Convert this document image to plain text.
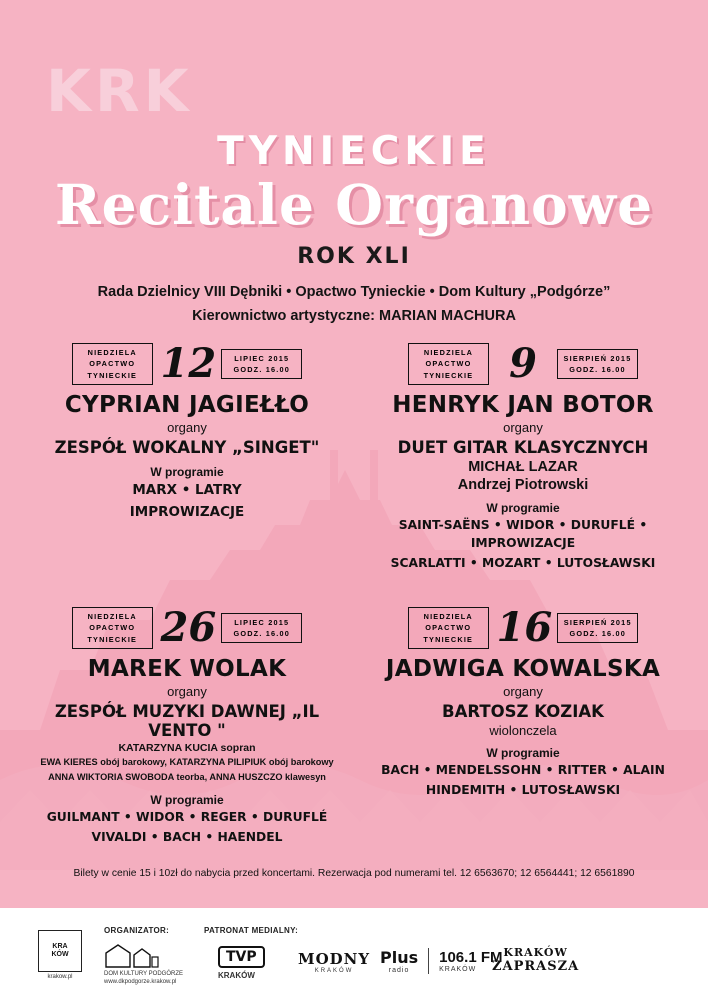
KRK
TYNIECKIE
Recitale Organowe
ROK XLI
Rada Dzielnicy VIII Dębniki • Opactwo Tynieckie • Dom Kultury „Podgórze”
Kierownictwo artystyczne: MARIAN MACHURA
NIEDZIELA
OPACTWO TYNIECKIE 12	LIPIEC 2015
GODZ. 16.00
CYPRIAN JAGIEŁŁO
organy
ZESPÓŁ WOKALNY „SINGET"
W programie
MARX • LATRY
IMPROWIZACJE
NIEDZIELA
OPACTWO TYNIECKIE 9	SIERPIEŃ 2015
GODZ. 16.00
HENRYK JAN BOTOR
organy
DUET GITAR KLASYCZNYCH
MICHAŁ LAZAR
Andrzej Piotrowski
W programie
SAINT-SAËNS • WIDOR • DURUFLÉ • IMPROWIZACJE
SCARLATTI • MOZART • LUTOSŁAWSKI
NIEDZIELA
OPACTWO TYNIECKIE 26	LIPIEC 2015
GODZ. 16.00
MAREK WOLAK
organy
ZESPÓŁ MUZYKI DAWNEJ „IL VENTO "
KATARZYNA KUCIA sopran
EWA KIERES obój barokowy, KATARZYNA PILIPIUK obój barokowy
ANNA WIKTORIA SWOBODA teorba, ANNA HUSZCZO klawesyn
W programie
GUILMANT • WIDOR • REGER • DURUFLÉ
VIVALDI • BACH • HAENDEL
NIEDZIELA
OPACTWO TYNIECKIE 16	SIERPIEŃ 2015
GODZ. 16.00
JADWIGA KOWALSKA
organy
BARTOSZ KOZIAK
wiolonczela
W programie
BACH • MENDELSSOHN • RITTER • ALAIN
HINDEMITH • LUTOSŁAWSKI
Bilety w cenie 15 i 10zł do nabycia przed koncertami. Rezerwacja pod numerami tel. 12 6563670; 12 6564441; 12 6561890
KRA
KÓW
krakow.pl
ORGANIZATOR:
DOM KULTURY PODGÓRZE
www.dkpodgorze.krakow.pl
PATRONAT MEDIALNY:
TVP
KRAKÓW
MODNY
KRAKÓW
Plus
radio
106.1 FM
KRAKÓW
KRAKÓW
ZAPRASZA
